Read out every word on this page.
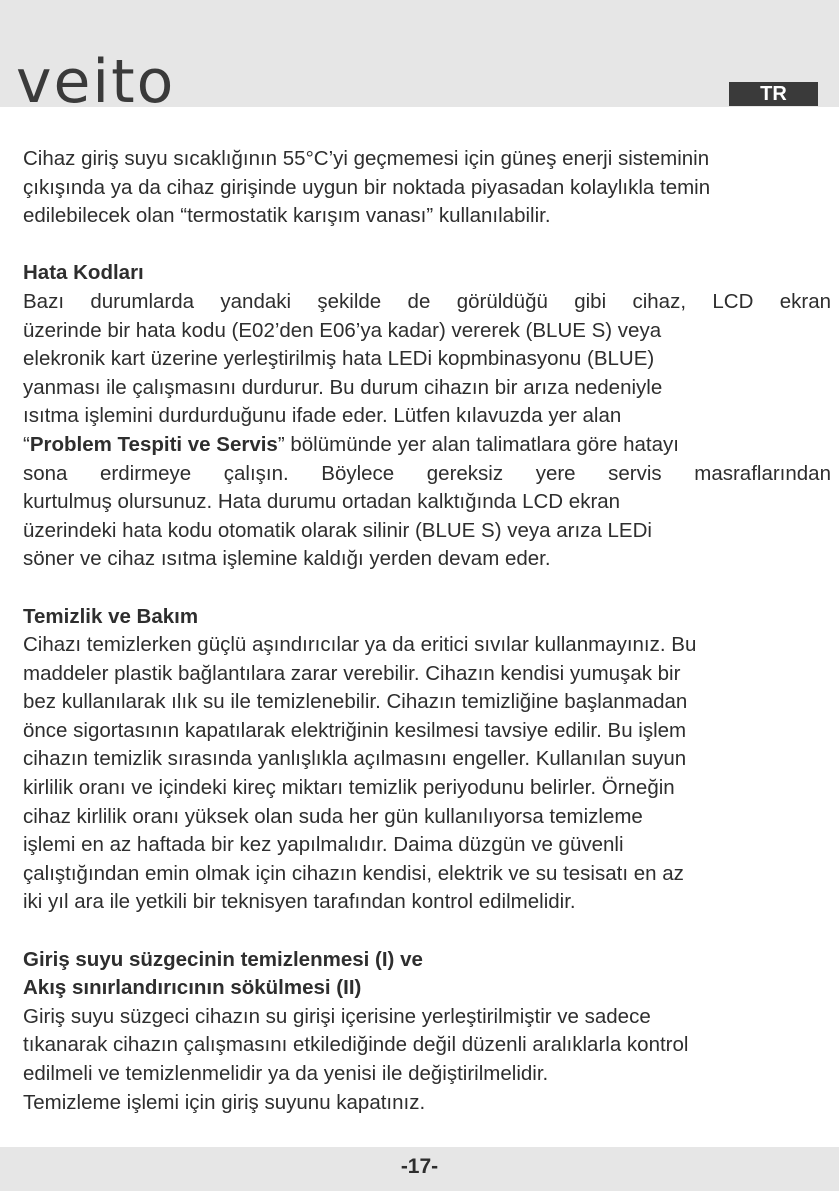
veito	TR

Cihaz giriş suyu sıcaklığının 55°C’yi geçmemesi için güneş enerji sisteminin

çıkışında ya da cihaz girişinde uygun bir noktada piyasadan kolaylıkla temin

edilebilecek olan “termostatik karışım vanası” kullanılabilir.

Hata Kodları

Bazı durumlarda yandaki şekilde de görüldüğü gibi cihaz, LCD ekran

üzerinde bir hata kodu (E02’den E06’ya kadar) vererek (BLUE S) veya

elekronik kart üzerine yerleştirilmiş hata LEDi kopmbinasyonu (BLUE)

yanması ile çalışmasını durdurur. Bu durum cihazın bir arıza nedeniyle

ısıtma işlemini durdurduğunu ifade eder. Lütfen kılavuzda yer alan

“Problem Tespiti ve Servis” bölümünde yer alan talimatlara göre hatayı

sona erdirmeye çalışın. Böylece gereksiz yere servis masraflarından

kurtulmuş olursunuz. Hata durumu ortadan kalktığında LCD ekran

üzerindeki hata kodu otomatik olarak silinir (BLUE S) veya arıza LEDi

söner ve cihaz ısıtma işlemine kaldığı yerden devam eder.

Temizlik ve Bakım

Cihazı temizlerken güçlü aşındırıcılar ya da eritici sıvılar kullanmayınız. Bu

maddeler plastik bağlantılara zarar verebilir. Cihazın kendisi yumuşak bir

bez kullanılarak ılık su ile temizlenebilir. Cihazın temizliğine başlanmadan

önce sigortasının kapatılarak elektriğinin kesilmesi tavsiye edilir. Bu işlem

cihazın temizlik sırasında yanlışlıkla açılmasını engeller. Kullanılan suyun

kirlilik oranı ve içindeki kireç miktarı temizlik periyodunu belirler. Örneğin

cihaz kirlilik oranı yüksek olan suda her gün kullanılıyorsa temizleme

işlemi en az haftada bir kez yapılmalıdır. Daima düzgün ve güvenli

çalıştığından emin olmak için cihazın kendisi, elektrik ve su tesisatı en az

iki yıl ara ile yetkili bir teknisyen tarafından kontrol edilmelidir.

Giriş suyu süzgecinin temizlenmesi (I) ve
Akış sınırlandırıcının sökülmesi (II)

Giriş suyu süzgeci cihazın su girişi içerisine yerleştirilmiştir ve sadece

tıkanarak cihazın çalışmasını etkilediğinde değil düzenli aralıklarla kontrol

edilmeli ve temizlenmelidir ya da yenisi ile değiştirilmelidir.

Temizleme işlemi için giriş suyunu kapatınız.

-17-
